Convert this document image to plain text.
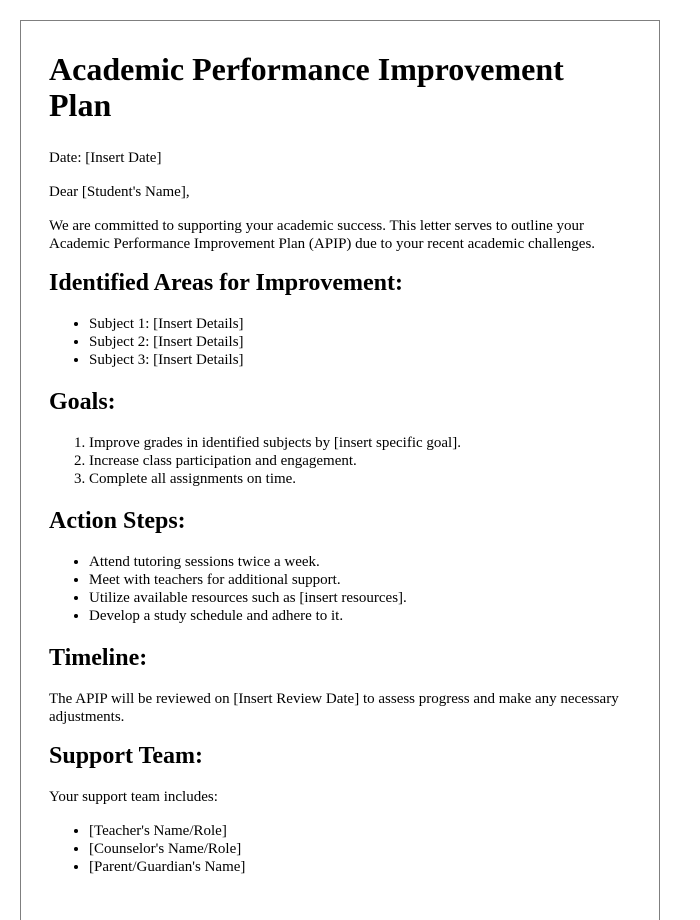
Academic Performance Improvement Plan

Date: [Insert Date]

Dear [Student's Name],

We are committed to supporting your academic success. This letter serves to outline your Academic Performance Improvement Plan (APIP) due to your recent academic challenges.

Identified Areas for Improvement:
• Subject 1: [Insert Details]
• Subject 2: [Insert Details]
• Subject 3: [Insert Details]
Goals:
1. Improve grades in identified subjects by [insert specific goal].
2. Increase class participation and engagement.
3. Complete all assignments on time.
Action Steps:
• Attend tutoring sessions twice a week.
• Meet with teachers for additional support.
• Utilize available resources such as [insert resources].
• Develop a study schedule and adhere to it.
Timeline:

The APIP will be reviewed on [Insert Review Date] to assess progress and make any necessary adjustments.

Support Team:

Your support team includes:

• [Teacher's Name/Role]
• [Counselor's Name/Role]
• [Parent/Guardian's Name]
